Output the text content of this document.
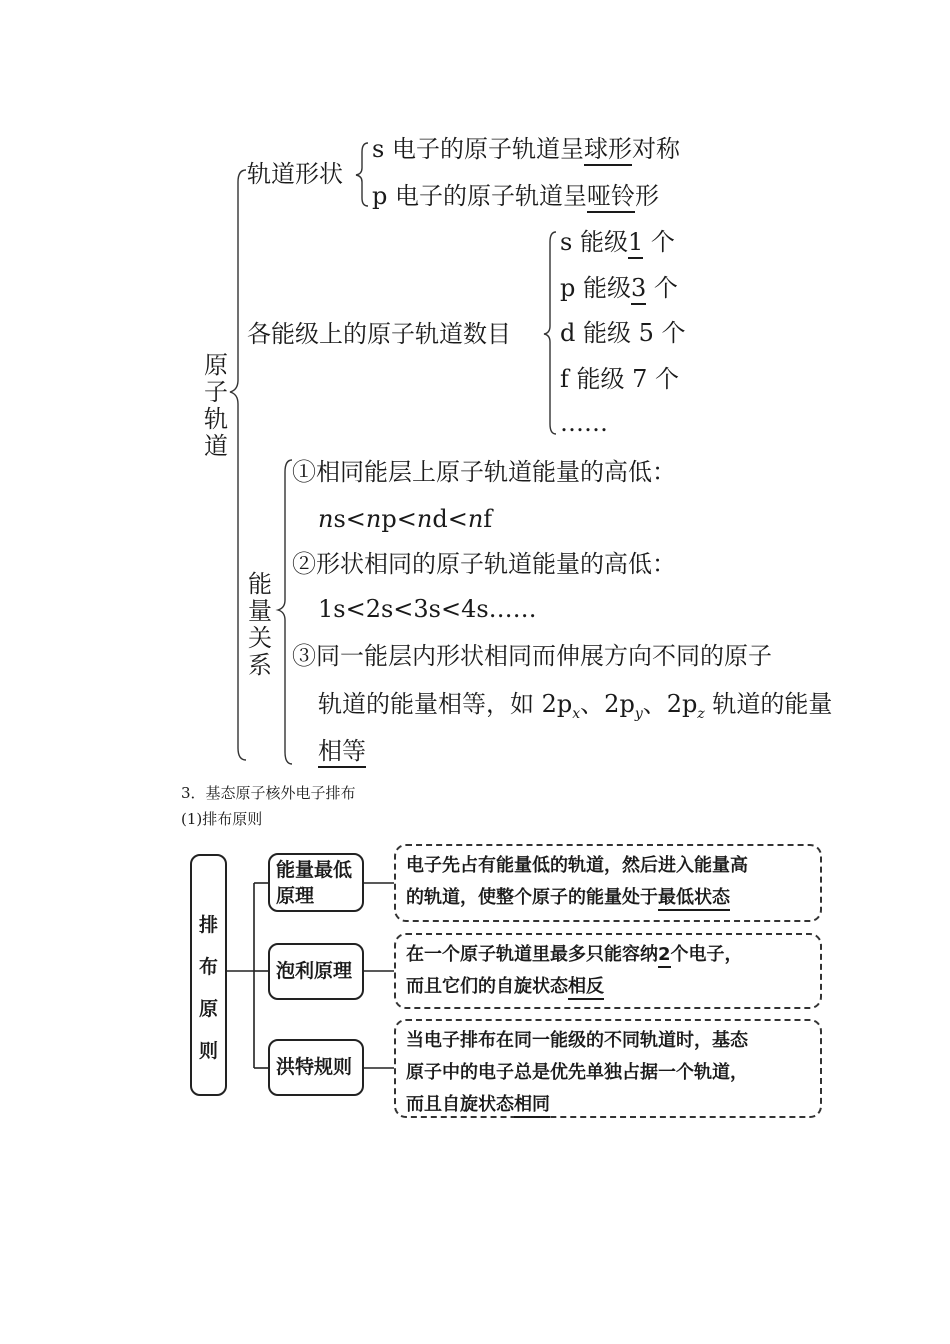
原
子
轨
道
轨道形状
s 电子的原子轨道呈球形对称
p 电子的原子轨道呈哑铃形
各能级上的原子轨道数目
s 能级1 个
p 能级3 个
d 能级 5 个
f 能级 7 个
……
能
量
关
系
①相同能层上原子轨道能量的高低：
ns<np<nd<nf
②形状相同的原子轨道能量的高低：
1s<2s<3s<4s……
③同一能层内形状相同而伸展方向不同的原子
轨道的能量相等，如 $2p_x$、$2p_y$、$2p_z$ 轨道的能量
相等
3．基态原子核外电子排布
(1)排布原则
排
布
原
则
能量最低
原理
电子先占有能量低的轨道，然后进入能量高
的轨道，使整个原子的能量处于最低状态
泡利原理
在一个原子轨道里最多只能容纳2个电子，
而且它们的自旋状态相反
洪特规则
当电子排布在同一能级的不同轨道时，基态
原子中的电子总是优先单独占据一个轨道，
而且自旋状态相同
